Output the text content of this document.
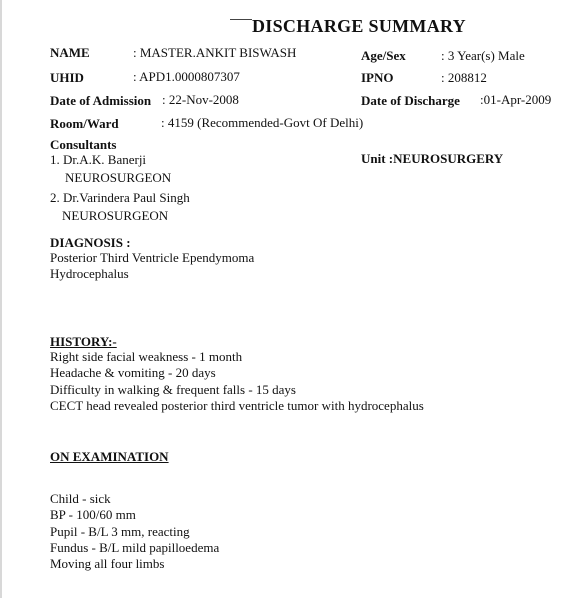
DISCHARGE SUMMARY
NAME	: MASTER.ANKIT BISWASH	Age/Sex	: 3 Year(s) Male
UHID	: APD1.0000807307	IPNO	: 208812
Date of Admission : 22-Nov-2008	Date of Discharge :01-Apr-2009
Room/Ward	: 4159 (Recommended-Govt Of Delhi)
Consultants
1. Dr.A.K. Banerji
NEUROSURGEON
2. Dr.Varindera Paul Singh
NEUROSURGEON
Unit :NEUROSURGERY
DIAGNOSIS :
Posterior Third Ventricle Ependymoma
Hydrocephalus
HISTORY:-
Right side facial weakness - 1 month
Headache & vomiting - 20 days
Difficulty in walking & frequent falls - 15 days
CECT head revealed posterior third ventricle tumor with hydrocephalus
ON EXAMINATION
Child - sick
BP - 100/60 mm
Pupil - B/L 3 mm, reacting
Fundus - B/L mild papilloedema
Moving all four limbs
